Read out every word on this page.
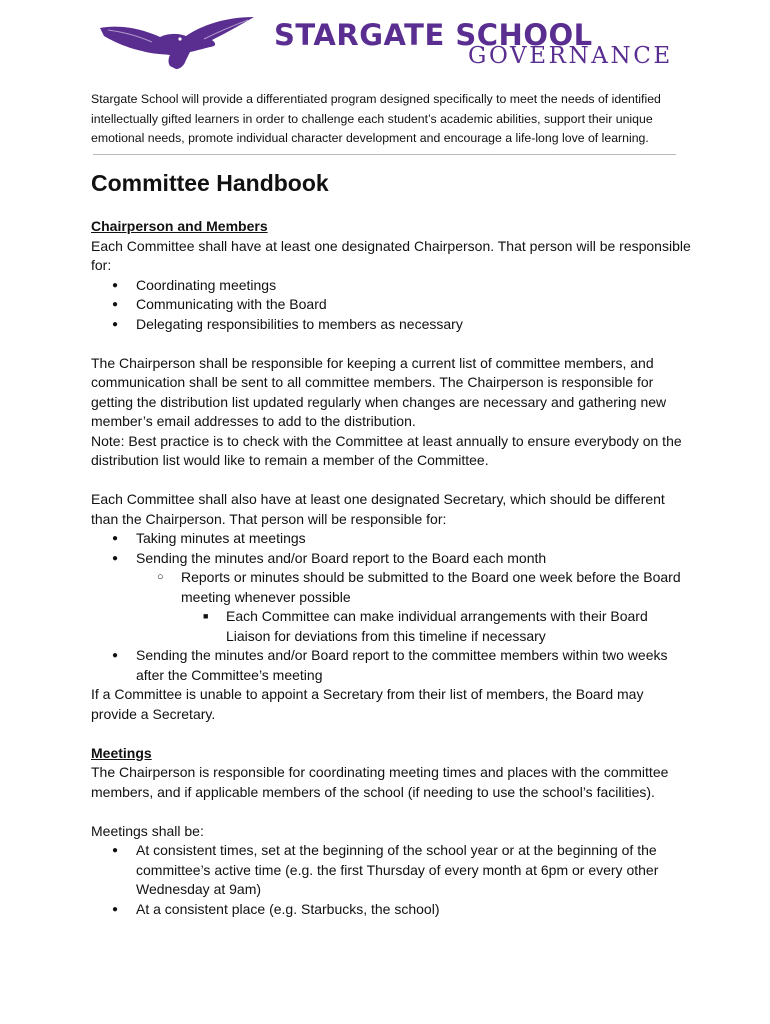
STARGATE SCHOOL
GOVERNANCE
Stargate School will provide a differentiated program designed specifically to meet the needs of identified intellectually gifted learners in order to challenge each student’s academic abilities, support their unique emotional needs, promote individual character development and encourage a life-long love of learning.
Committee Handbook

Chairperson and Members

Each Committee shall have at least one designated Chairperson. That person will be responsible for:

● Coordinating meetings
● Communicating with the Board
● Delegating responsibilities to members as necessary

The Chairperson shall be responsible for keeping a current list of committee members, and communication shall be sent to all committee members. The Chairperson is responsible for getting the distribution list updated regularly when changes are necessary and gathering new member’s email addresses to add to the distribution.

Note: Best practice is to check with the Committee at least annually to ensure everybody on the distribution list would like to remain a member of the Committee.

Each Committee shall also have at least one designated Secretary, which should be different than the Chairperson. That person will be responsible for:

● Taking minutes at meetings
● Sending the minutes and/or Board report to the Board each month
○ Reports or minutes should be submitted to the Board one week before the Board meeting whenever possible
■ Each Committee can make individual arrangements with their Board Liaison for deviations from this timeline if necessary
● Sending the minutes and/or Board report to the committee members within two weeks after the Committee’s meeting

If a Committee is unable to appoint a Secretary from their list of members, the Board may provide a Secretary.

Meetings

The Chairperson is responsible for coordinating meeting times and places with the committee members, and if applicable members of the school (if needing to use the school’s facilities).

Meetings shall be:

● At consistent times, set at the beginning of the school year or at the beginning of the committee’s active time (e.g. the first Thursday of every month at 6pm or every other Wednesday at 9am)
● At a consistent place (e.g. Starbucks, the school)
